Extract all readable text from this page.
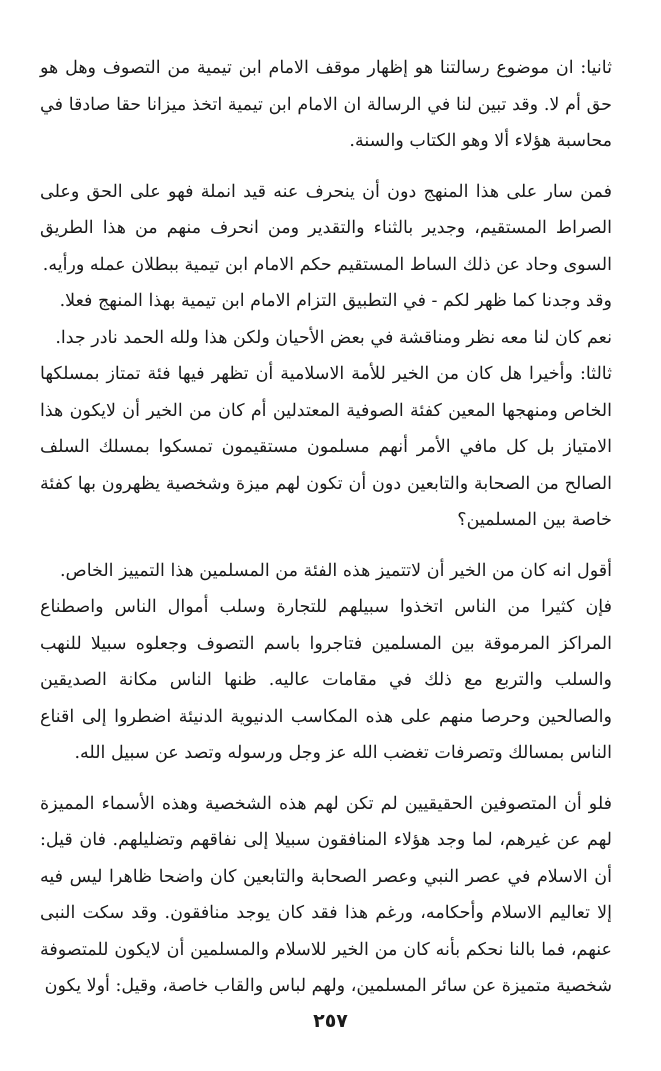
ثانيا: ان موضوع رسالتنا هو إظهار موقف الامام ابن تيمية من التصوف وهل هو حق أم لا. وقد تبين لنا في الرسالة ان الامام ابن تيمية اتخذ ميزانا حقا صادقا في محاسبة هؤلاء ألا وهو الكتاب والسنة.

فمن سار على هذا المنهج دون أن ينحرف عنه قيد انملة فهو على الحق وعلى الصراط المستقيم، وجدير بالثناء والتقدير ومن انحرف منهم من هذا الطريق السوى وحاد عن ذلك الساط المستقيم حكم الامام ابن تيمية ببطلان عمله ورأيه.

وقد وجدنا كما ظهر لكم - في التطبيق التزام الامام ابن تيمية بهذا المنهج فعلا.

نعم كان لنا معه نظر ومناقشة في بعض الأحيان ولكن هذا ولله الحمد نادر جدا.

ثالثا: وأخيرا هل كان من الخير للأمة الاسلامية أن تظهر فيها فئة تمتاز بمسلكها الخاص ومنهجها المعين كفئة الصوفية المعتدلين أم كان من الخير أن لايكون هذا الامتياز بل كل مافي الأمر أنهم مسلمون مستقيمون تمسكوا بمسلك السلف الصالح من الصحابة والتابعين دون أن تكون لهم ميزة وشخصية يظهرون بها كفئة خاصة بين المسلمين؟

أقول انه كان من الخير أن لاتتميز هذه الفئة من المسلمين هذا التمييز الخاص.

فإن كثيرا من الناس اتخذوا سبيلهم للتجارة وسلب أموال الناس واصطناع المراكز المرموقة بين المسلمين فتاجروا باسم التصوف وجعلوه سبيلا للنهب والسلب والتربع مع ذلك في مقامات عاليه. ظنها الناس مكانة الصديقين والصالحين وحرصا منهم على هذه المكاسب الدنيوية الدنيئة اضطروا إلى اقناع الناس بمسالك وتصرفات تغضب الله عز وجل ورسوله وتصد عن سبيل الله.

فلو أن المتصوفين الحقيقيين لم تكن لهم هذه الشخصية وهذه الأسماء المميزة لهم عن غيرهم، لما وجد هؤلاء المنافقون سبيلا إلى نفاقهم وتضليلهم. فان قيل: أن الاسلام في عصر النبي وعصر الصحابة والتابعين كان واضحا ظاهرا ليس فيه إلا تعاليم الاسلام وأحكامه، ورغم هذا فقد كان يوجد منافقون. وقد سكت النبى عنهم، فما بالنا نحكم بأنه كان من الخير للاسلام والمسلمين أن لايكون للمتصوفة شخصية متميزة عن سائر المسلمين، ولهم لباس والقاب خاصة، وقيل: أولا يكون

٢٥٧
